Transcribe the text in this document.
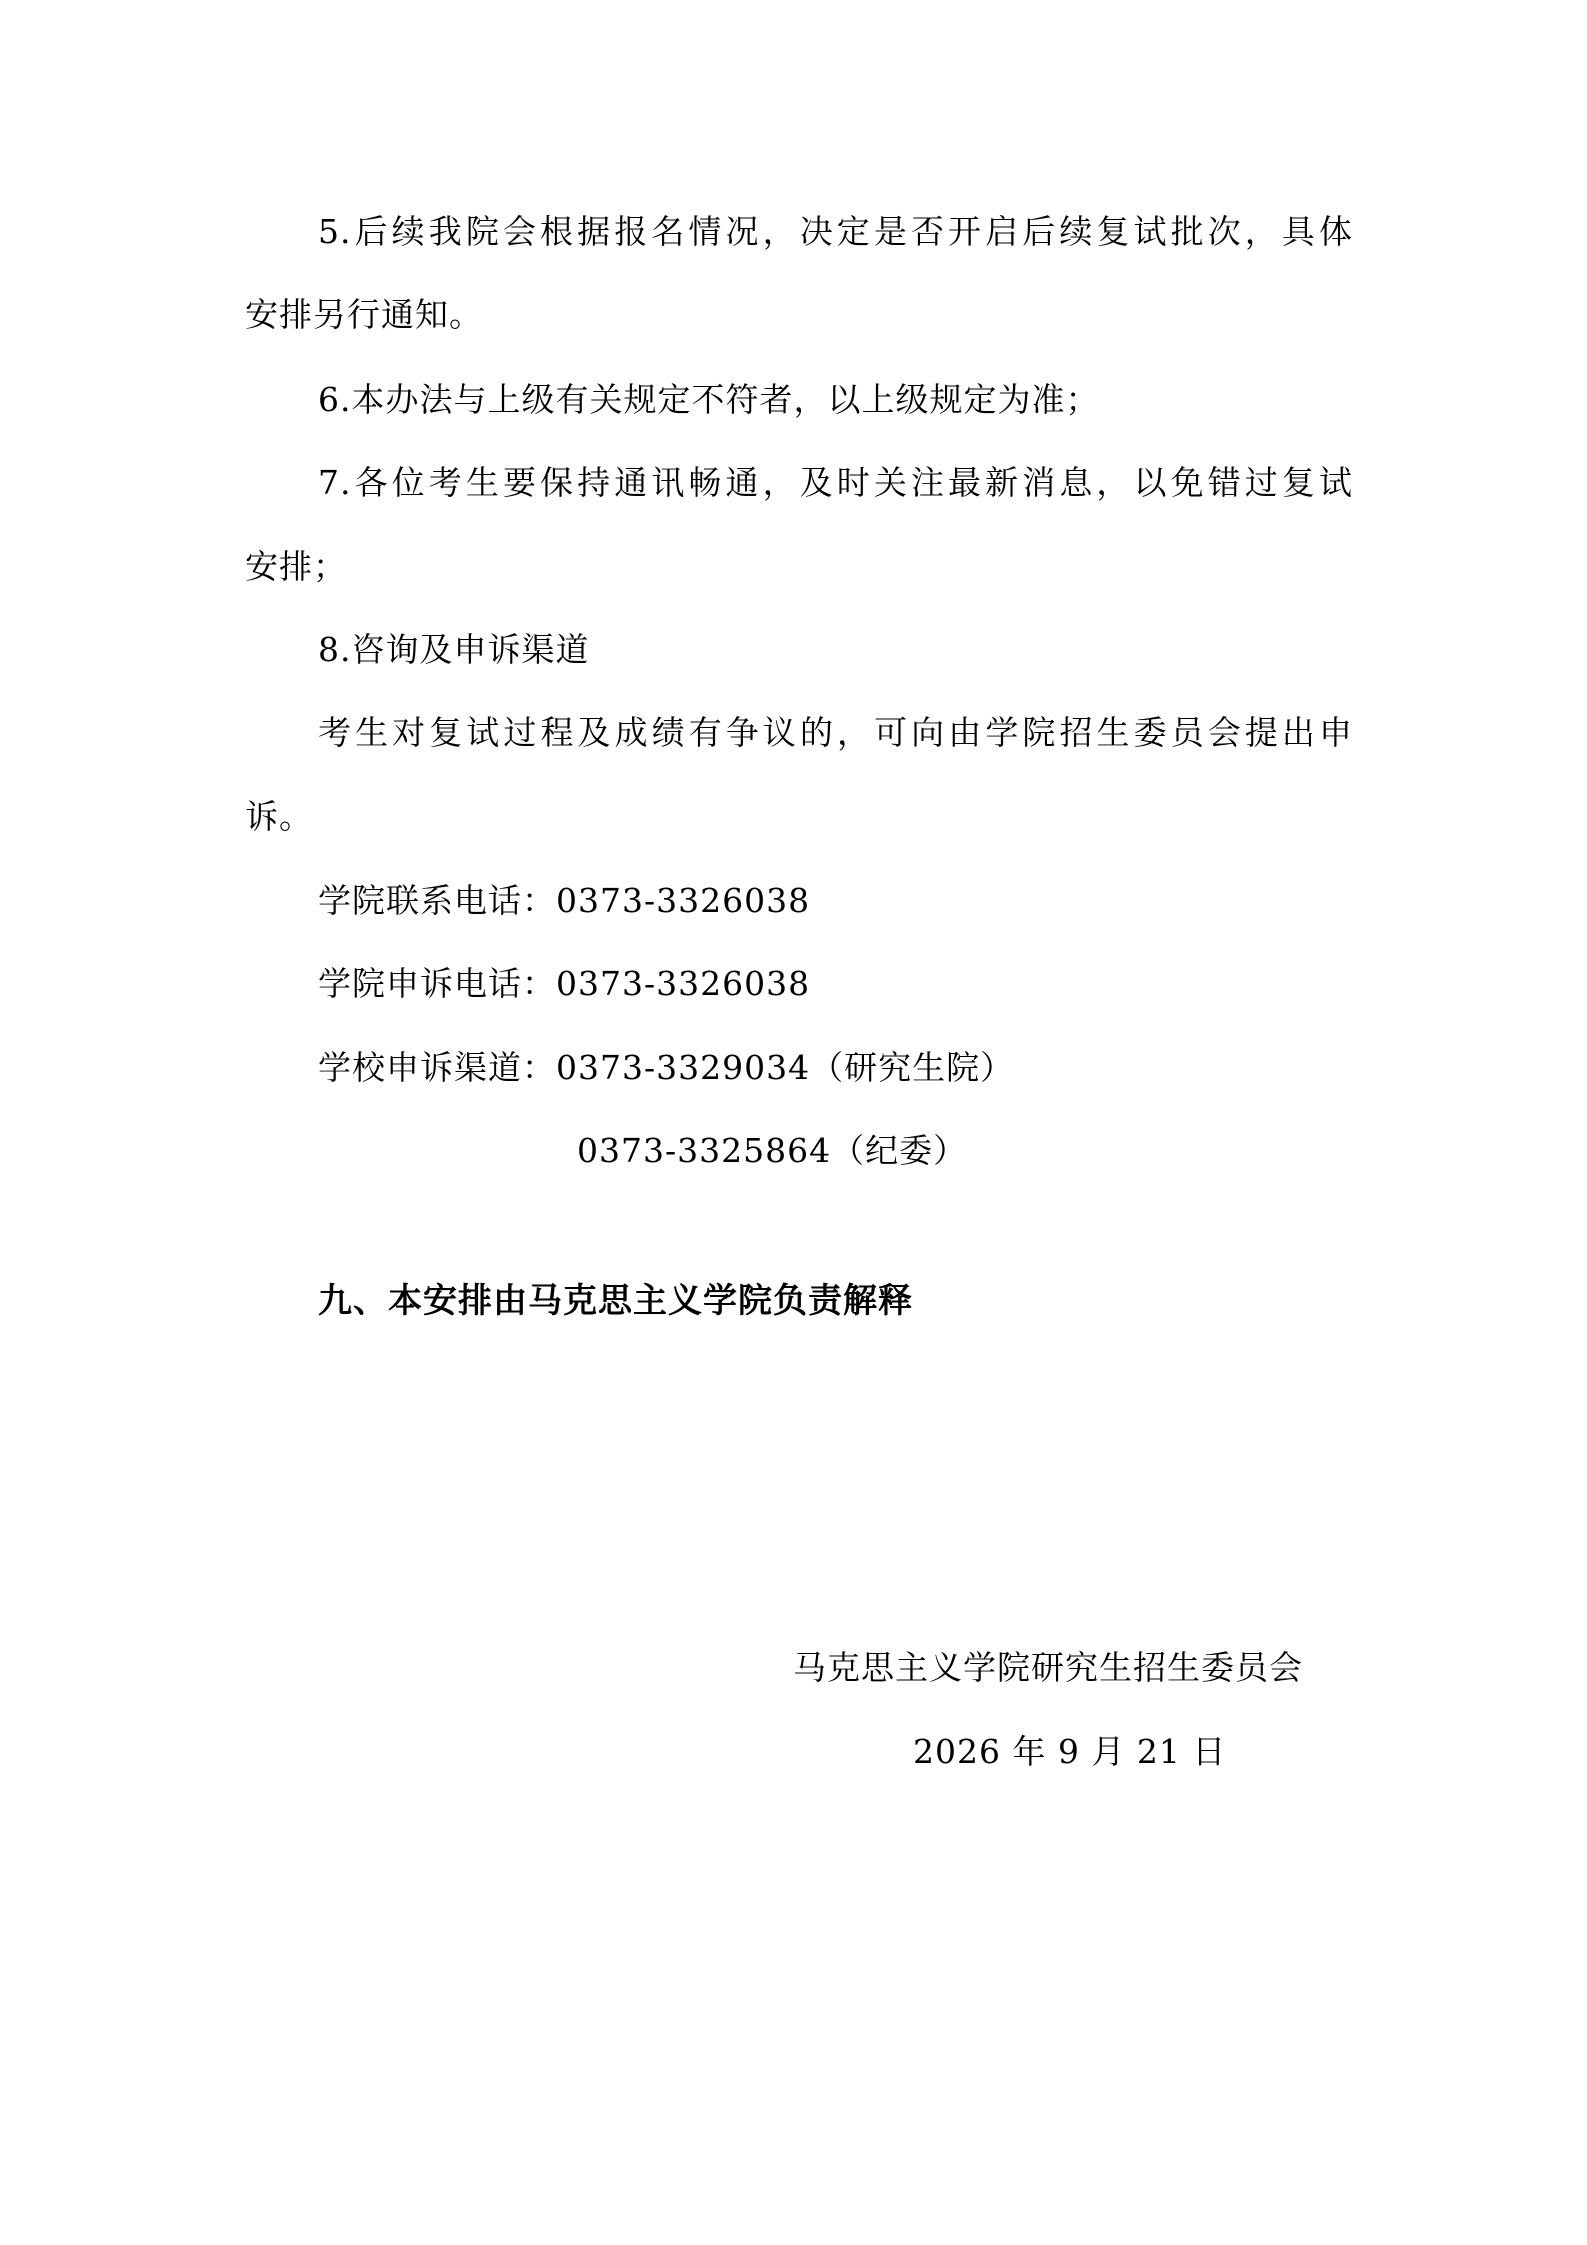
5.后续我院会根据报名情况，决定是否开启后续复试批次，具体
安排另行通知。
6.本办法与上级有关规定不符者，以上级规定为准；
7.各位考生要保持通讯畅通，及时关注最新消息，以免错过复试
安排；
8.咨询及申诉渠道
考生对复试过程及成绩有争议的，可向由学院招生委员会提出申
诉。
学院联系电话：0373-3326038
学院申诉电话：0373-3326038
学校申诉渠道：0373-3329034（研究生院）
0373-3325864（纪委）
九、本安排由马克思主义学院负责解释
马克思主义学院研究生招生委员会
2026 年 9 月 21 日
